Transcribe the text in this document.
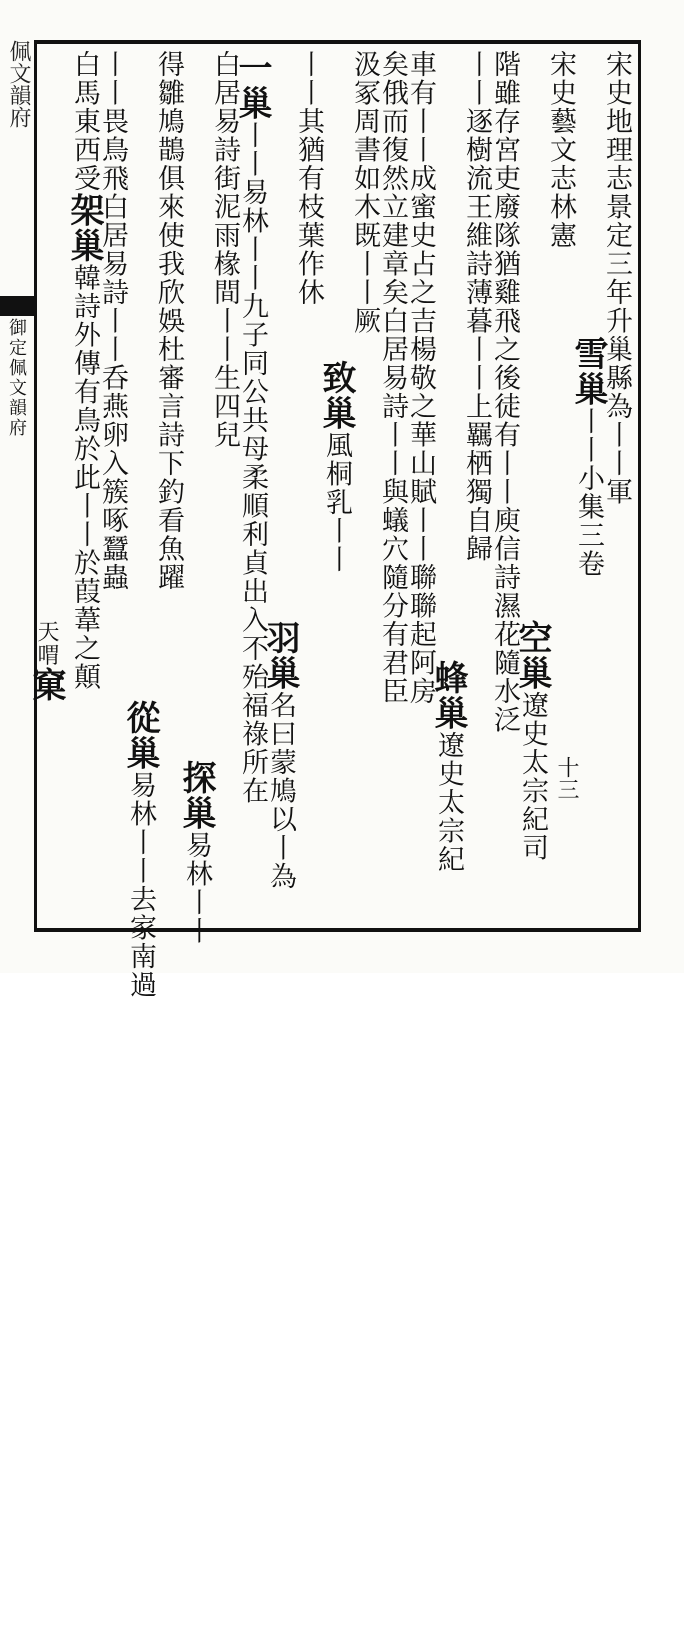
佩文韻府
御定佩文韻府	宋史地理志景定三年升巢縣為丨丨軍
雪巢丨丨小集三卷
宋史藝文志林憲
空巢遼史太宗紀司
階雖存宮吏廢隊猶雞飛之後徒有丨丨庾信詩濕花隨水泛
丨丨逐樹流王維詩薄暮丨丨上羈栖獨自歸
蜂巢遼史太宗紀
車有丨丨成蜜史占之吉楊敬之華山賦丨丨聯聯起阿房
矣俄而復然立建章矣白居易詩丨丨與蟻穴隨分有君臣
汲冢周書如木既丨丨厥
致巢風桐乳丨丨
丨丨其猶有枝葉作休
羽巢名曰蒙鳩以丨為
一巢丨丨易林丨丨九子同公共母柔順利貞出入不殆福祿所在
白居易詩街泥雨椽間丨丨生四兒
探巢易林丨丨
得雛鳩鵲俱來使我欣娛杜審言詩下釣看魚躍
從巢易林丨丨去家南過
丨丨畏鳥飛白居易詩丨丨呑燕卵入簇啄蠶蟲
白馬東西受架巢韓詩外傳有鳥於此丨丨於葭葦之顛
天喟窠
十三
